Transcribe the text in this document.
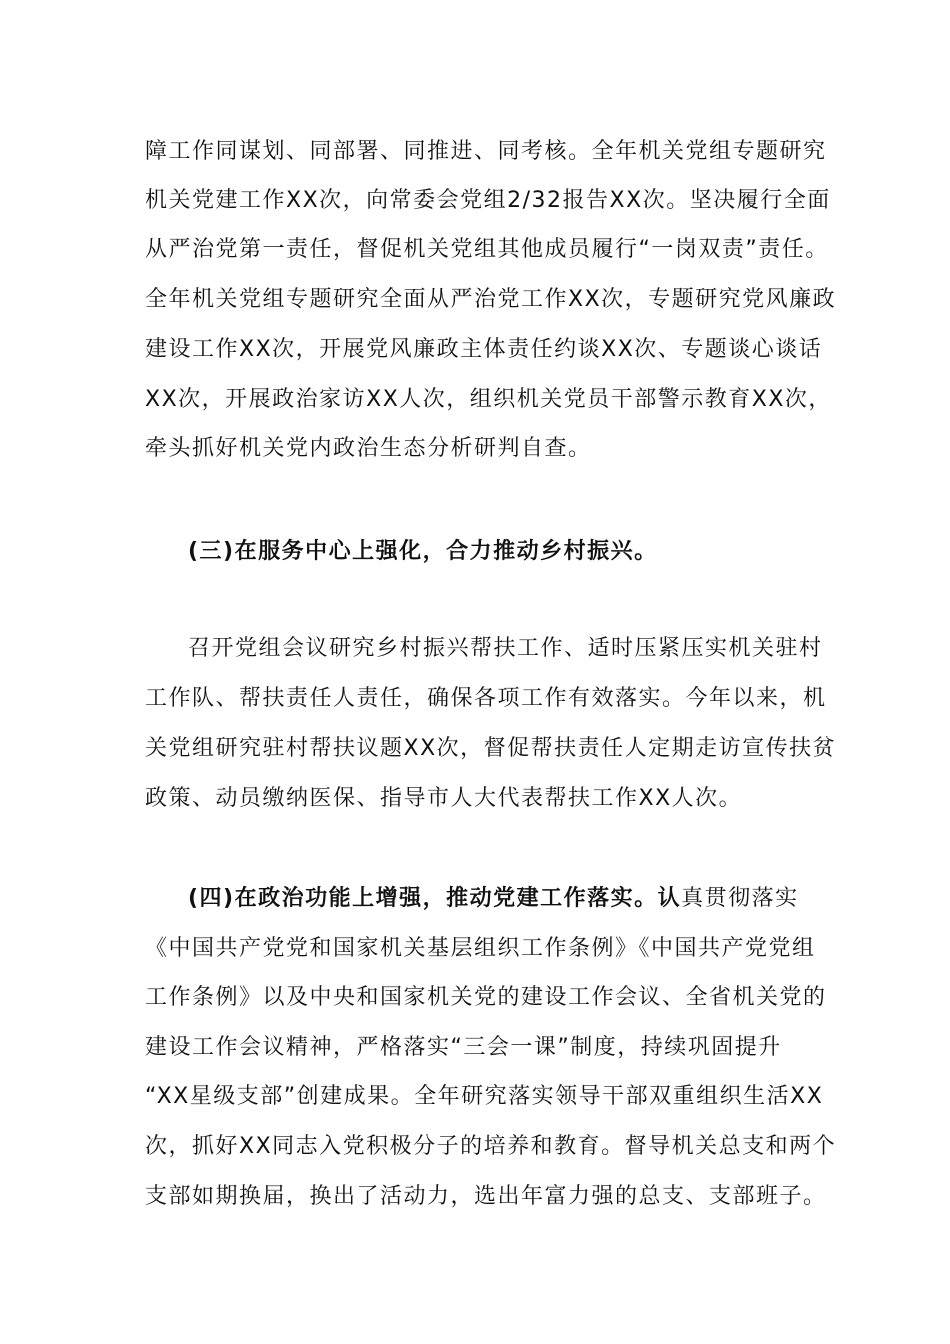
障工作同谋划、同部署、同推进、同考核。全年机关党组专题研究
机关党建工作XX次，向常委会党组2/32报告XX次。坚决履行全面
从严治党第一责任，督促机关党组其他成员履行“一岗双责”责任。
全年机关党组专题研究全面从严治党工作XX次，专题研究党风廉政
建设工作XX次，开展党风廉政主体责任约谈XX次、专题谈心谈话
XX次，开展政治家访XX人次，组织机关党员干部警示教育XX次，
牵头抓好机关党内政治生态分析研判自查。
(三)在服务中心上强化，合力推动乡村振兴。
召开党组会议研究乡村振兴帮扶工作、适时压紧压实机关驻村
工作队、帮扶责任人责任，确保各项工作有效落实。今年以来，机
关党组研究驻村帮扶议题XX次，督促帮扶责任人定期走访宣传扶贫
政策、动员缴纳医保、指导市人大代表帮扶工作XX人次。
(四)在政治功能上增强，推动党建工作落实。认真贯彻落实
《中国共产党党和国家机关基层组织工作条例》《中国共产党党组
工作条例》以及中央和国家机关党的建设工作会议、全省机关党的
建设工作会议精神，严格落实“三会一课”制度，持续巩固提升
“XX星级支部”创建成果。全年研究落实领导干部双重组织生活XX
次，抓好XX同志入党积极分子的培养和教育。督导机关总支和两个
支部如期换届，换出了活动力，选出年富力强的总支、支部班子。
